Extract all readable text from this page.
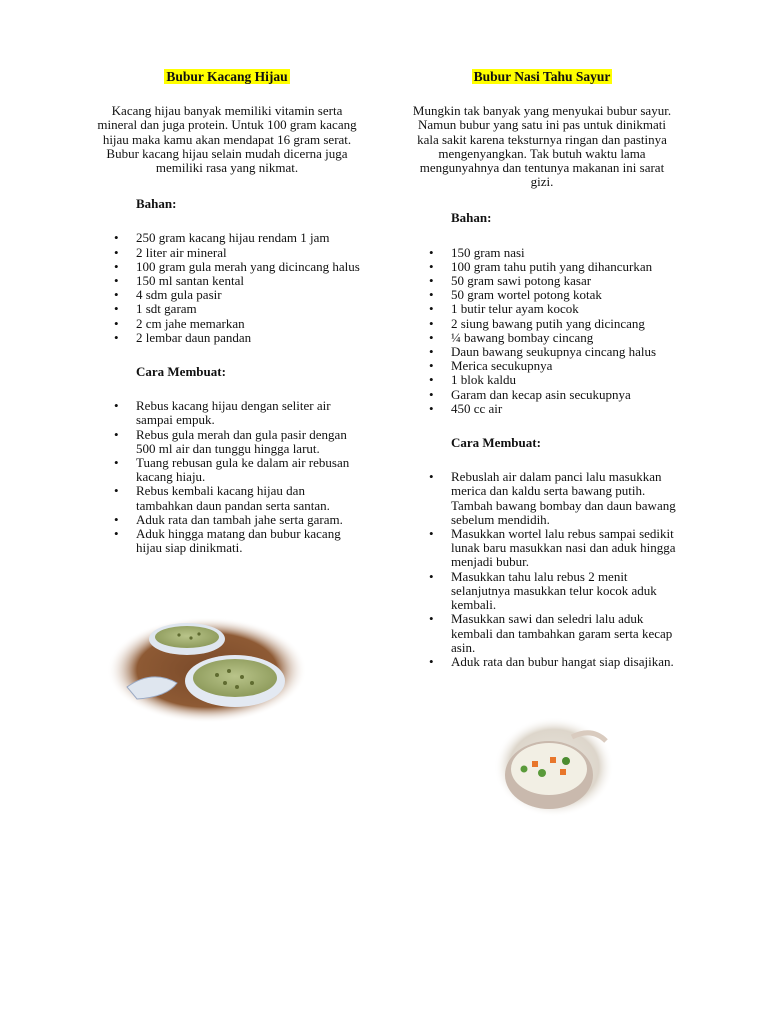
Bubur Kacang Hijau
Kacang hijau banyak memiliki vitamin serta mineral dan juga protein. Untuk 100 gram kacang hijau maka kamu akan mendapat 16 gram serat. Bubur kacang hijau selain mudah dicerna juga memiliki rasa yang nikmat.
Bahan:
• 250 gram kacang hijau rendam 1 jam
• 2 liter air mineral
• 100 gram gula merah yang dicincang halus
• 150 ml santan kental
• 4 sdm gula pasir
• 1 sdt garam
• 2 cm jahe memarkan
• 2 lembar daun pandan
Cara Membuat:
• Rebus kacang hijau dengan seliter air sampai empuk.
• Rebus gula merah dan gula pasir dengan 500 ml air dan tunggu hingga larut.
• Tuang rebusan gula ke dalam air rebusan kacang hiaju.
• Rebus kembali kacang hijau dan tambahkan daun pandan serta santan.
• Aduk rata dan tambah jahe serta garam.
• Aduk hingga matang dan bubur kacang hijau siap dinikmati.
Bubur Nasi Tahu Sayur
Mungkin tak banyak yang menyukai bubur sayur. Namun bubur yang satu ini pas untuk dinikmati kala sakit karena teksturnya ringan dan pastinya mengenyangkan. Tak butuh waktu lama mengunyahnya dan tentunya makanan ini sarat gizi.
Bahan:
• 150 gram nasi
• 100 gram tahu putih yang dihancurkan
• 50 gram sawi potong kasar
• 50 gram wortel potong kotak
• 1 butir telur ayam kocok
• 2 siung bawang putih yang dicincang
• ¼ bawang bombay cincang
• Daun bawang seukupnya cincang halus
• Merica secukupnya
• 1 blok kaldu
• Garam dan kecap asin secukupnya
• 450 cc air
Cara Membuat:
• Rebuslah air dalam panci lalu masukkan merica dan kaldu serta bawang putih. Tambah bawang bombay dan daun bawang sebelum mendidih.
• Masukkan wortel lalu rebus sampai sedikit lunak baru masukkan nasi dan aduk hingga menjadi bubur.
• Masukkan tahu lalu rebus 2 menit selanjutnya masukkan telur kocok aduk kembali.
• Masukkan sawi dan seledri lalu aduk kembali dan tambahkan garam serta kecap asin.
• Aduk rata dan bubur hangat siap disajikan.
